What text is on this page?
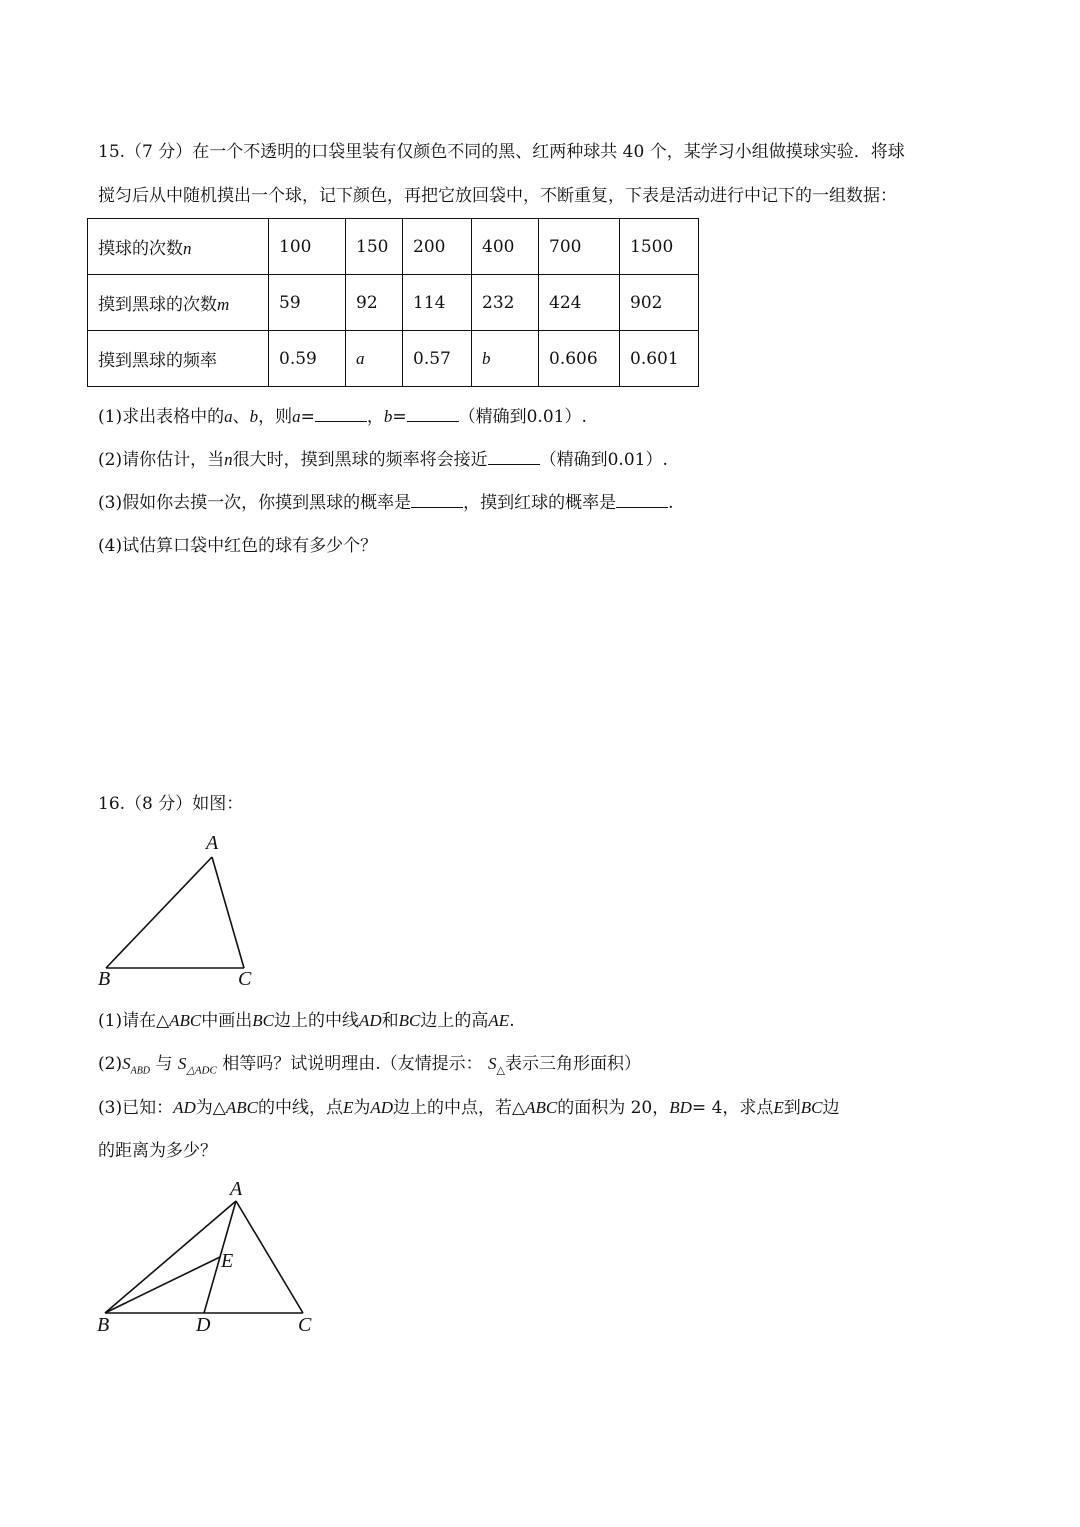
15.（7 分）在一个不透明的口袋里装有仅颜色不同的黑、红两种球共 40 个，某学习小组做摸球实验．将球
搅匀后从中随机摸出一个球，记下颜色，再把它放回袋中，不断重复，下表是活动进行中记下的一组数据：
摸球的次数n	100	150	200	400	700	1500
摸到黑球的次数m	59	92	114	232	424	902
摸到黑球的频率	0.59	a	0.57	b	0.606	0.601
(1)求出表格中的a、b，则a=	，b=	（精确到0.01）.
(2)请你估计，当n很大时，摸到黑球的频率将会接近	（精确到0.01）.
(3)假如你去摸一次，你摸到黑球的概率是	，摸到红球的概率是	.
(4)试估算口袋中红色的球有多少个？
16.（8 分）如图：
A
B	C
(1)请在△ABC中画出BC边上的中线AD和BC边上的高AE.
$(2)S_{ABD}$ 与 $S_{\triangle ADC}$ 相等吗？试说明理由.（友情提示： $S_\triangle$表示三角形面积）
(3)已知：AD为△ABC的中线，点E为AD边上的中点，若△ABC的面积为 20，BD= 4，求点E到BC边
的距离为多少？
A
E
B	D	C
